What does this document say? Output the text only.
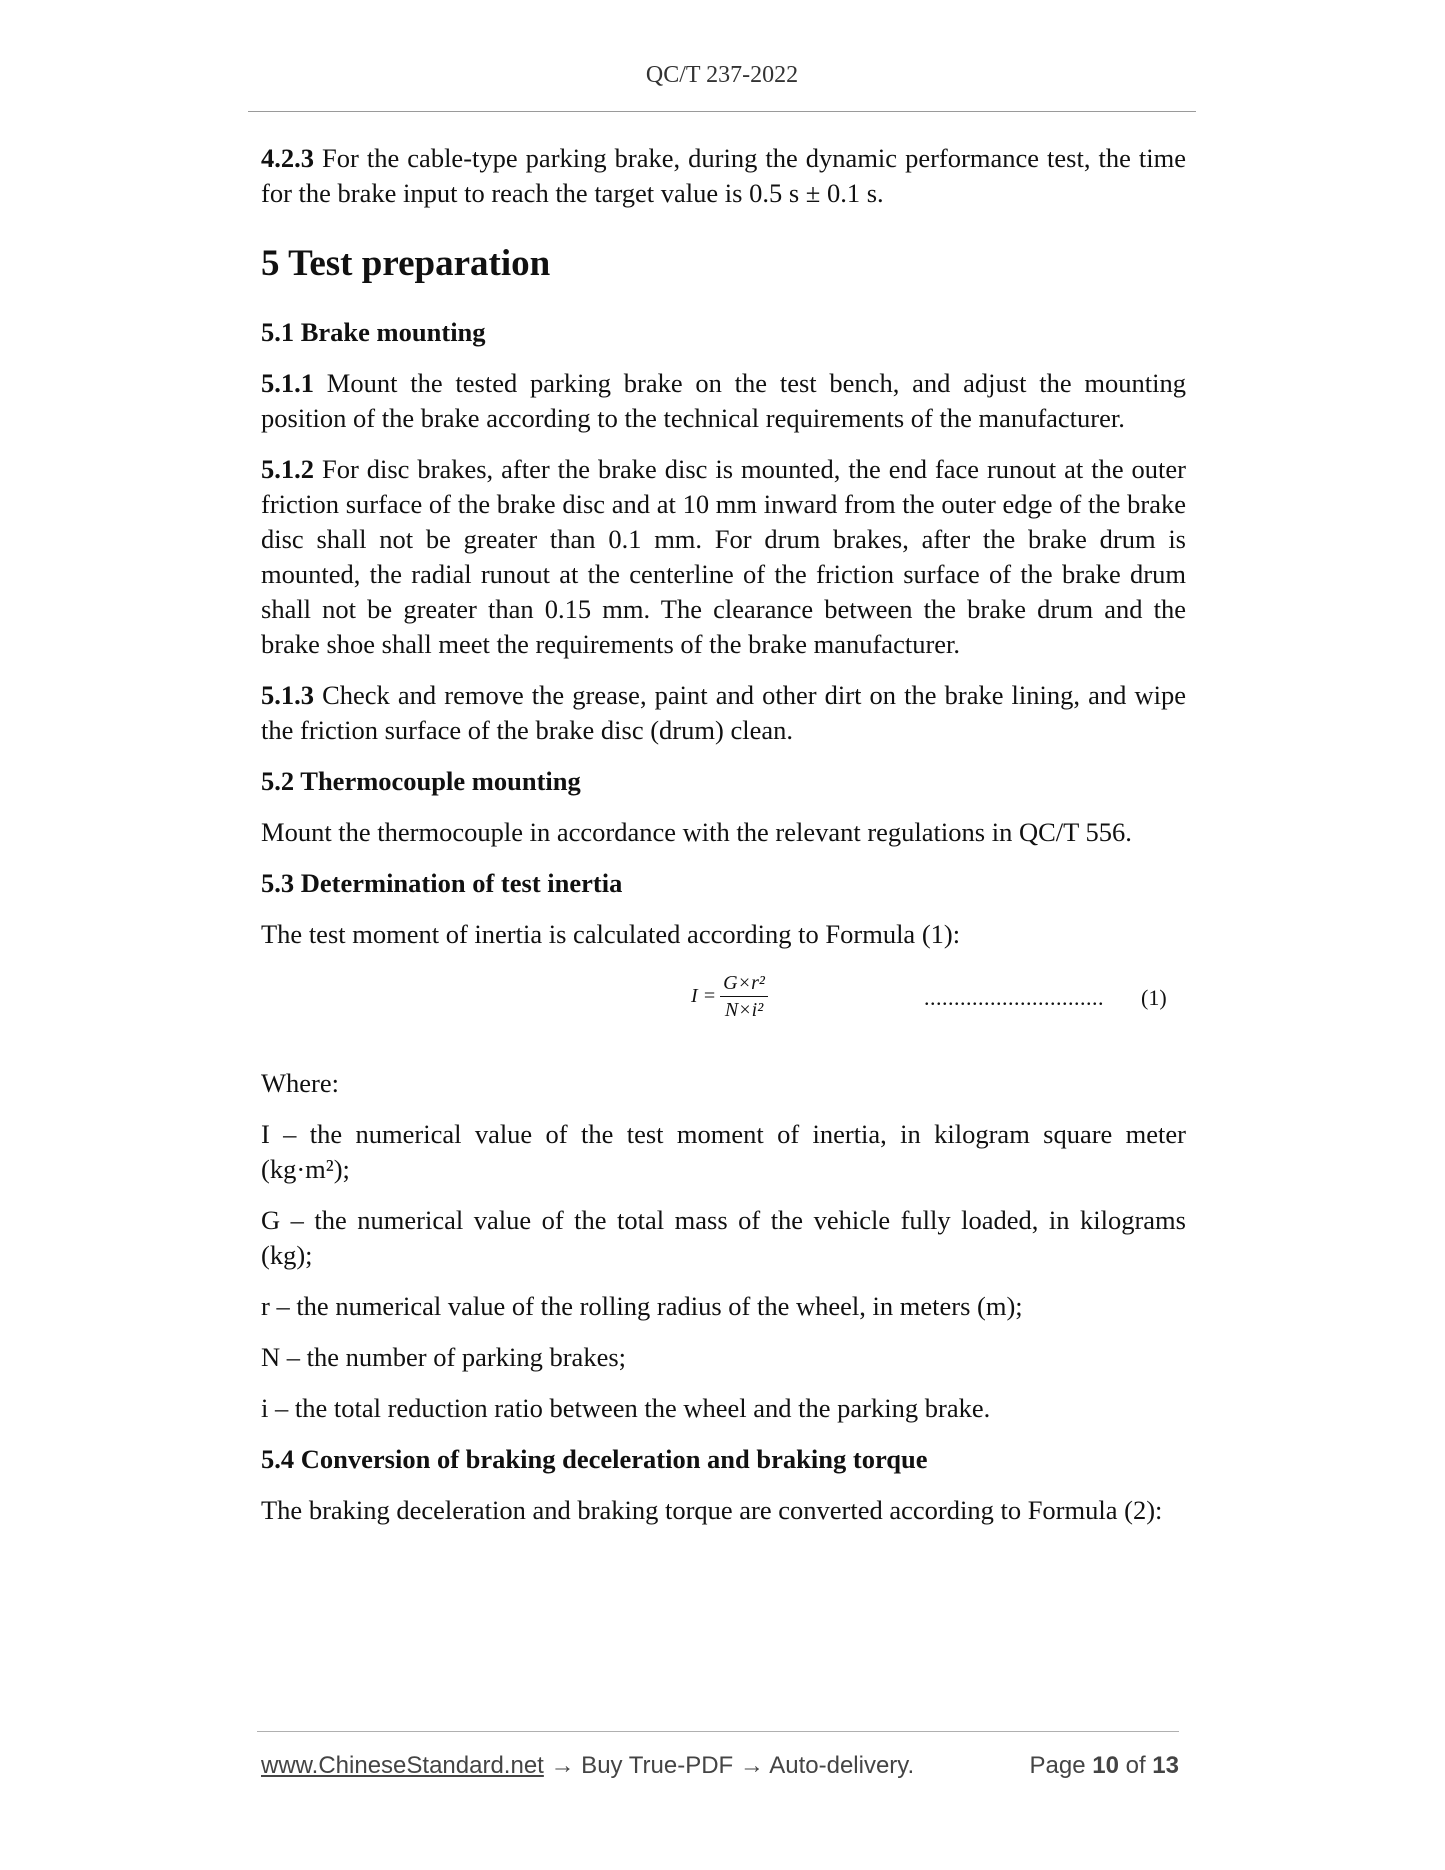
QC/T 237-2022

4.2.3 For the cable-type parking brake, during the dynamic performance test, the time for the brake input to reach the target value is 0.5 s ± 0.1 s.

5 Test preparation
5.1 Brake mounting

5.1.1 Mount the tested parking brake on the test bench, and adjust the mounting position of the brake according to the technical requirements of the manufacturer.

5.1.2 For disc brakes, after the brake disc is mounted, the end face runout at the outer friction surface of the brake disc and at 10 mm inward from the outer edge of the brake disc shall not be greater than 0.1 mm. For drum brakes, after the brake drum is mounted, the radial runout at the centerline of the friction surface of the brake drum shall not be greater than 0.15 mm. The clearance between the brake drum and the brake shoe shall meet the requirements of the brake manufacturer.

5.1.3 Check and remove the grease, paint and other dirt on the brake lining, and wipe the friction surface of the brake disc (drum) clean.

5.2 Thermocouple mounting

Mount the thermocouple in accordance with the relevant regulations in QC/T 556.

5.3 Determination of test inertia

The test moment of inertia is calculated according to Formula (1):

$I = \frac{\text{G×r²}}{\text{N×i²}}$	.............................. (1)

Where:

I – the numerical value of the test moment of inertia, in kilogram square meter (kg·m²);

G – the numerical value of the total mass of the vehicle fully loaded, in kilograms (kg);

r – the numerical value of the rolling radius of the wheel, in meters (m);

N – the number of parking brakes;

i – the total reduction ratio between the wheel and the parking brake.

5.4 Conversion of braking deceleration and braking torque

The braking deceleration and braking torque are converted according to Formula (2):

www.ChineseStandard.net → Buy True-PDF → Auto-delivery.	Page 10 of 13
